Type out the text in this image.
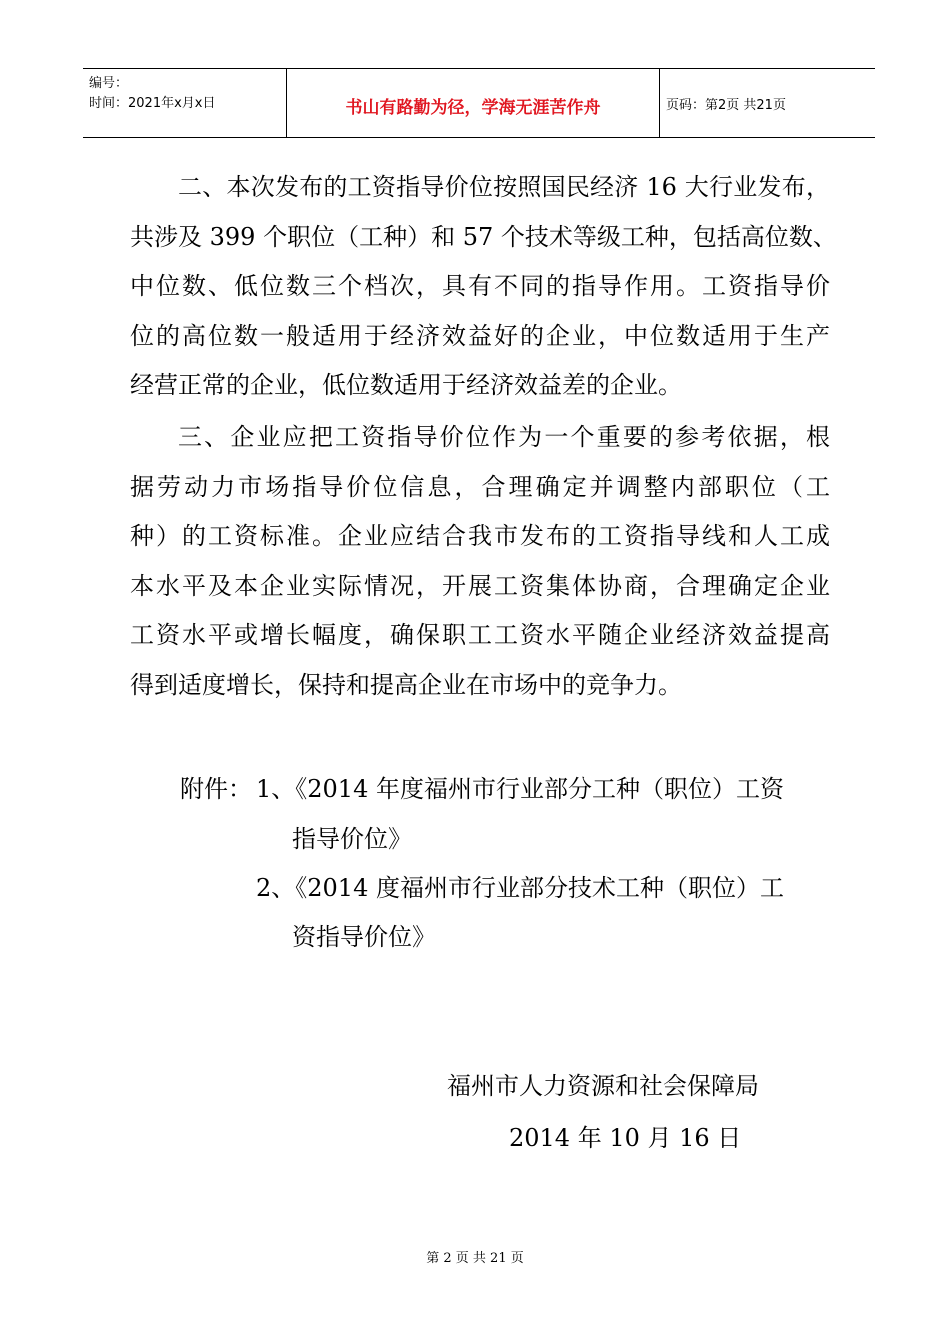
编号：
时间：2021年x月x日	书山有路勤为径，学海无涯苦作舟	页码：第2页 共21页
二、本次发布的工资指导价位按照国民经济 16 大行业发布，
共涉及 399 个职位（工种）和 57 个技术等级工种，包括高位数、
中位数、低位数三个档次，具有不同的指导作用。工资指导价
位的高位数一般适用于经济效益好的企业，中位数适用于生产
经营正常的企业，低位数适用于经济效益差的企业。
三、企业应把工资指导价位作为一个重要的参考依据，根
据劳动力市场指导价位信息，合理确定并调整内部职位（工
种）的工资标准。企业应结合我市发布的工资指导线和人工成
本水平及本企业实际情况，开展工资集体协商，合理确定企业
工资水平或增长幅度，确保职工工资水平随企业经济效益提高
得到适度增长，保持和提高企业在市场中的竞争力。
附件： 1、《2014 年度福州市行业部分工种（职位）工资
指导价位》
2、《2014 度福州市行业部分技术工种（职位）工
资指导价位》
福州市人力资源和社会保障局
2014 年 10 月 16 日
第 2 页 共 21 页
